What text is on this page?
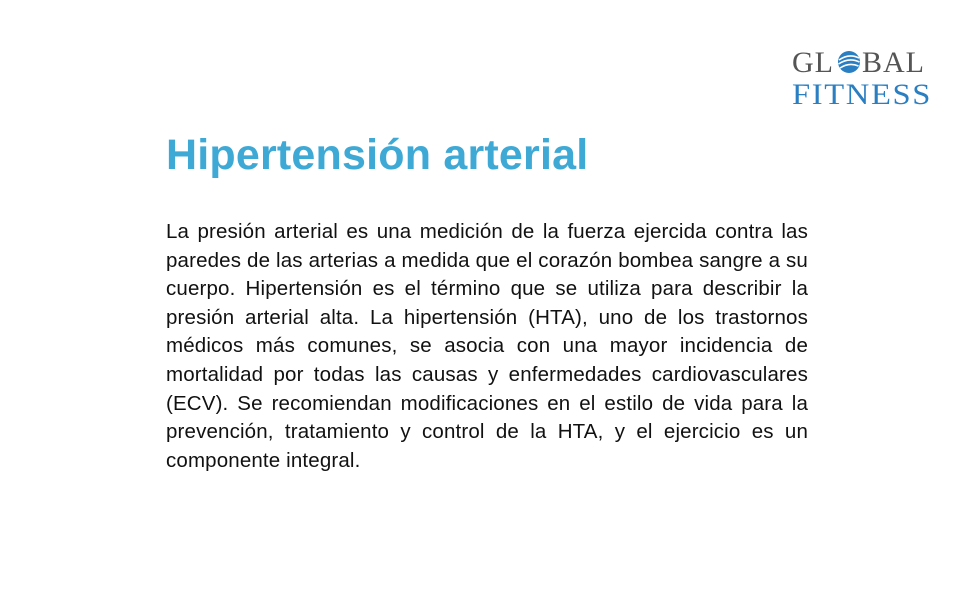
GL BAL
FITNESS
Hipertensión arterial

La presión arterial es una medición de la fuerza ejercida contra las paredes de las arterias a medida que el corazón bombea sangre a su cuerpo. Hipertensión es el término que se utiliza para describir la presión arterial alta. La hipertensión (HTA), uno de los trastornos médicos más comunes, se asocia con una mayor incidencia de mortalidad por todas las causas y enfermedades cardiovasculares (ECV). Se recomiendan modificaciones en el estilo de vida para la prevención, tratamiento y control de la HTA, y el ejercicio es un componente integral.
